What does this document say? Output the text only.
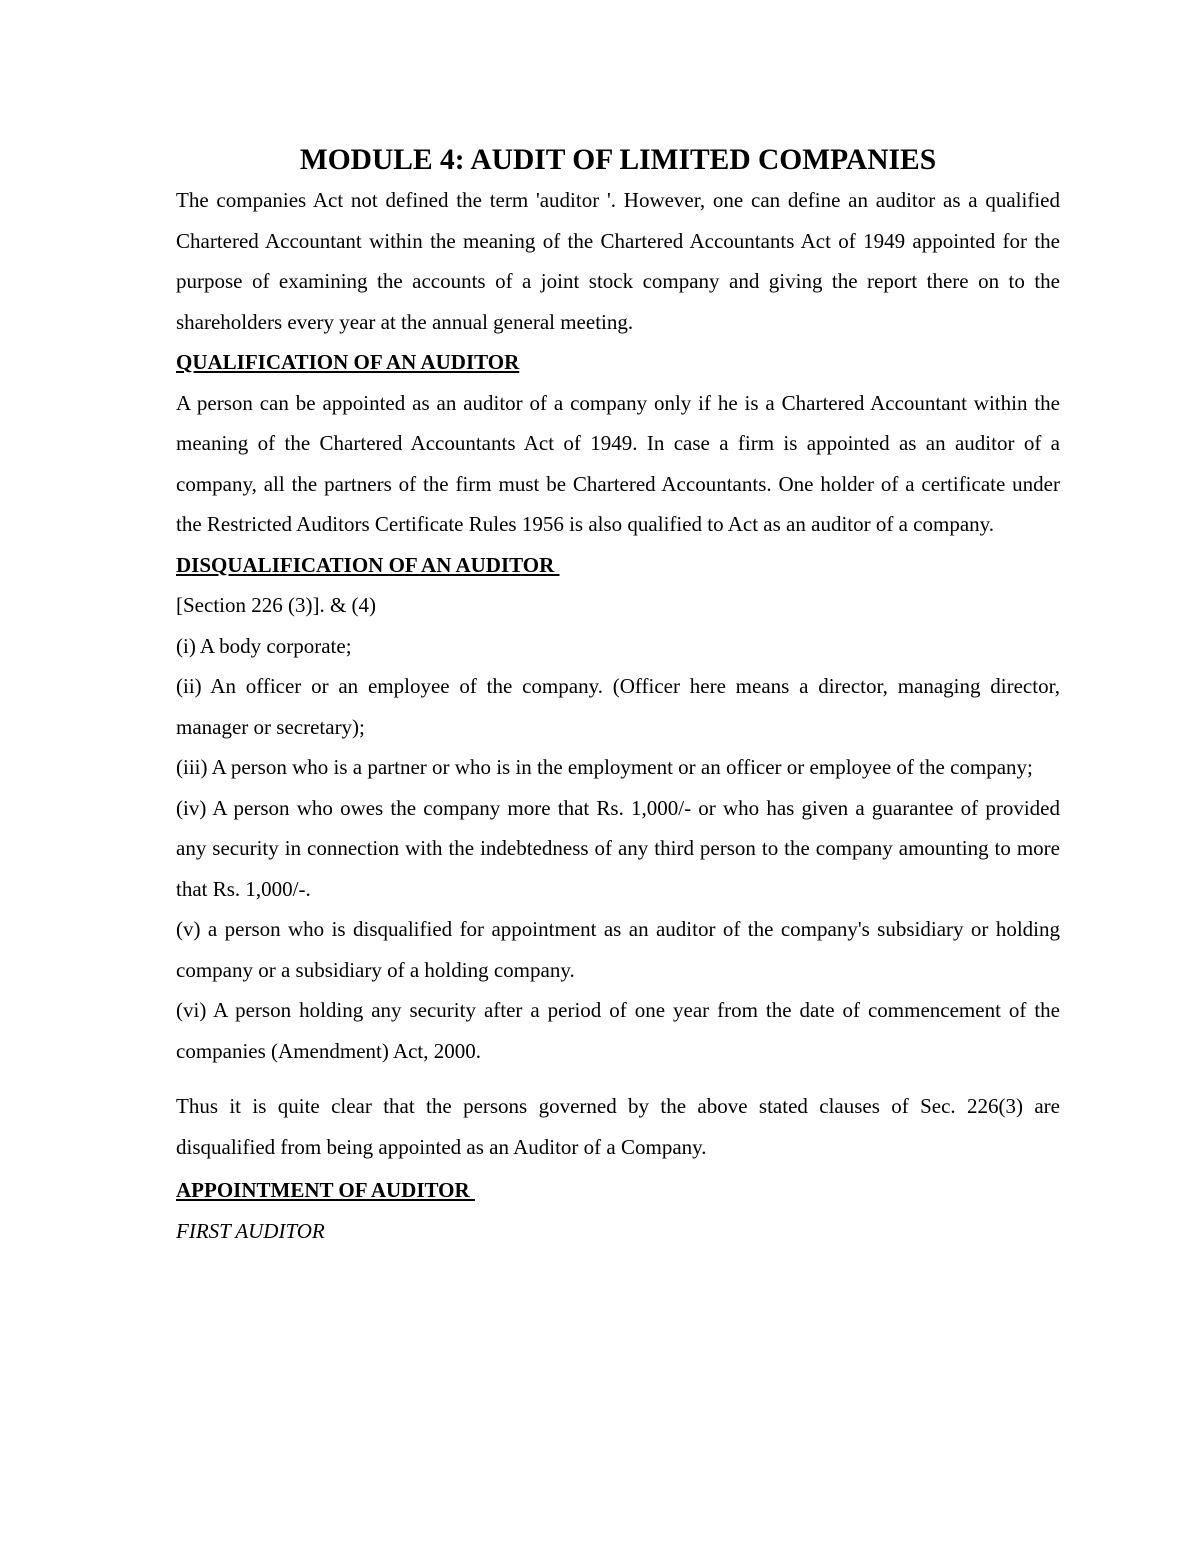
MODULE 4: AUDIT OF LIMITED COMPANIES

The companies Act not defined the term 'auditor '. However, one can define an auditor as a qualified Chartered Accountant within the meaning of the Chartered Accountants Act of 1949 appointed for the purpose of examining the accounts of a joint stock company and giving the report there on to the shareholders every year at the annual general meeting.

QUALIFICATION OF AN AUDITOR

A person can be appointed as an auditor of a company only if he is a Chartered Accountant within the meaning of the Chartered Accountants Act of 1949. In case a firm is appointed as an auditor of a company, all the partners of the firm must be Chartered Accountants. One holder of a certificate under the Restricted Auditors Certificate Rules 1956 is also qualified to Act as an auditor of a company.

DISQUALIFICATION OF AN AUDITOR

[Section 226 (3)]. & (4)

(i) A body corporate;

(ii) An officer or an employee of the company. (Officer here means a director, managing director, manager or secretary);

(iii) A person who is a partner or who is in the employment or an officer or employee of the company;

(iv) A person who owes the company more that Rs. 1,000/- or who has given a guarantee of provided any security in connection with the indebtedness of any third person to the company amounting to more that Rs. 1,000/-.

(v) a person who is disqualified for appointment as an auditor of the company's subsidiary or holding company or a subsidiary of a holding company.

(vi) A person holding any security after a period of one year from the date of commencement of the companies (Amendment) Act, 2000.

Thus it is quite clear that the persons governed by the above stated clauses of Sec. 226(3) are disqualified from being appointed as an Auditor of a Company.

APPOINTMENT OF AUDITOR

FIRST AUDITOR
